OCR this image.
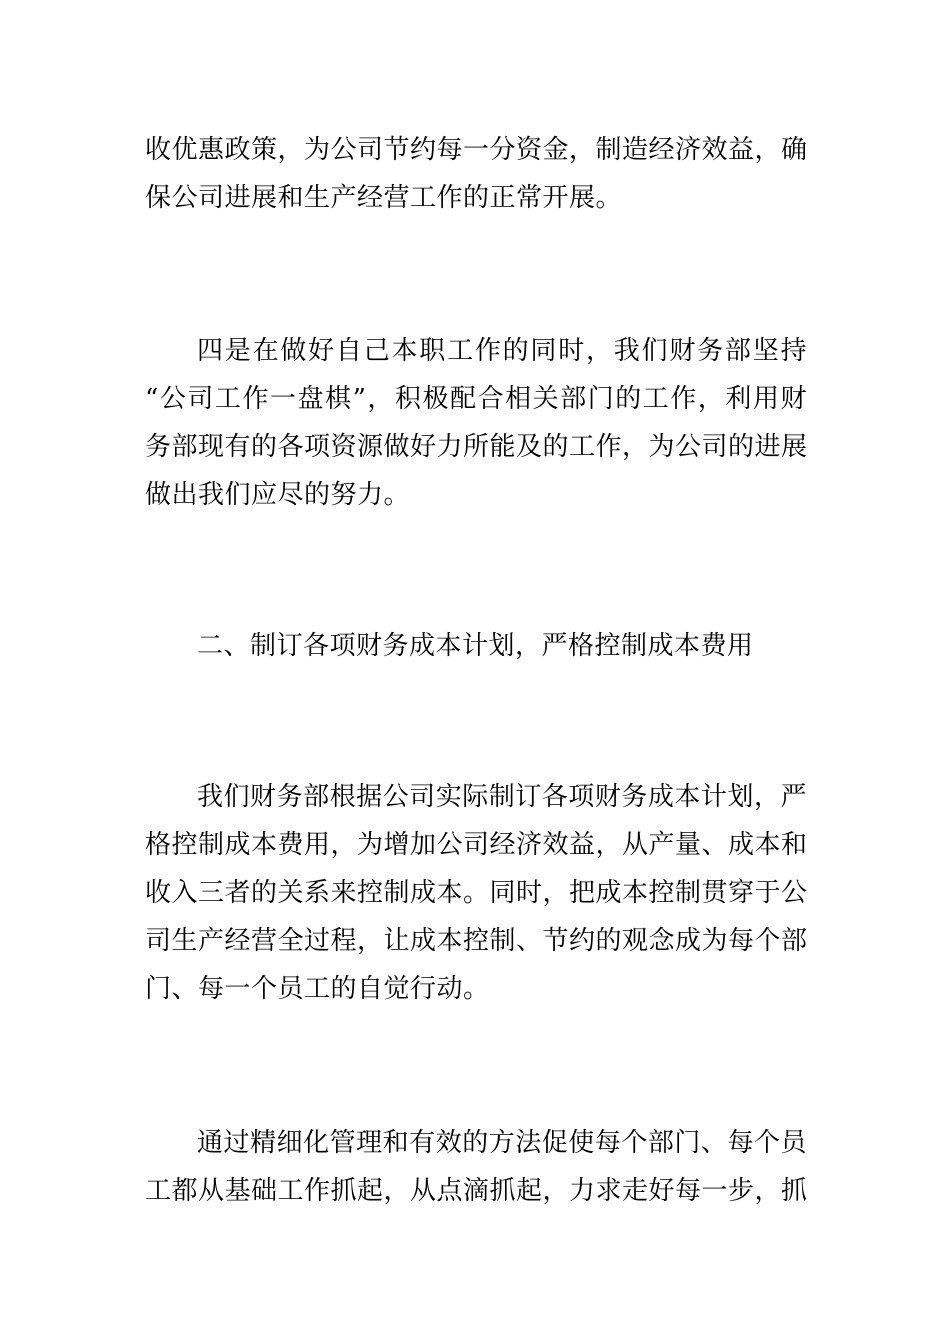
收优惠政策，为公司节约每一分资金，制造经济效益，确
保公司进展和生产经营工作的正常开展。
四是在做好自己本职工作的同时，我们财务部坚持
“公司工作一盘棋”，积极配合相关部门的工作，利用财
务部现有的各项资源做好力所能及的工作，为公司的进展
做出我们应尽的努力。
二、制订各项财务成本计划，严格控制成本费用
我们财务部根据公司实际制订各项财务成本计划，严
格控制成本费用，为增加公司经济效益，从产量、成本和
收入三者的关系来控制成本。同时，把成本控制贯穿于公
司生产经营全过程，让成本控制、节约的观念成为每个部
门、每一个员工的自觉行动。
通过精细化管理和有效的方法促使每个部门、每个员
工都从基础工作抓起，从点滴抓起，力求走好每一步，抓
